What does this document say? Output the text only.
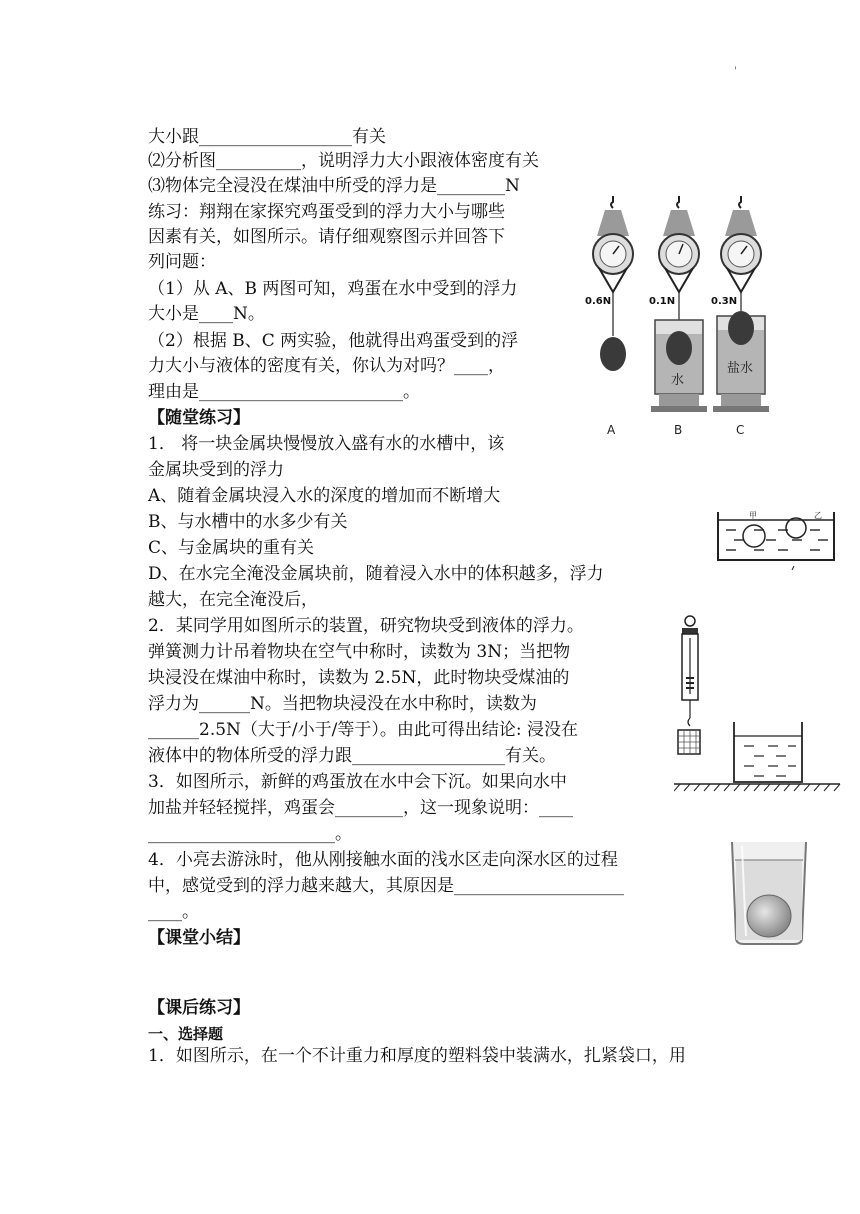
'
大小跟__________________有关
⑵分析图__________，说明浮力大小跟液体密度有关
⑶物体完全浸没在煤油中所受的浮力是________N
练习：翔翔在家探究鸡蛋受到的浮力大小与哪些
因素有关，如图所示。请仔细观察图示并回答下
列问题：
（1）从 A、B 两图可知，鸡蛋在水中受到的浮力
大小是____N。
（2）根据 B、C 两实验，他就得出鸡蛋受到的浮
力大小与液体的密度有关，你认为对吗？____，
理由是________________________。
【随堂练习】
1． 将一块金属块慢慢放入盛有水的水槽中，该
金属块受到的浮力
A、随着金属块浸入水的深度的增加而不断增大
B、与水槽中的水多少有关
C、与金属块的重有关
D、在水完全淹没金属块前，随着浸入水中的体积越多，浮力
越大，在完全淹没后，
2．某同学用如图所示的装置，研究物块受到液体的浮力。
弹簧测力计吊着物块在空气中称时，读数为 3N；当把物
块浸没在煤油中称时，读数为 2.5N，此时物块受煤油的
浮力为______N。当把物块浸没在水中称时，读数为
______2.5N（大于/小于/等于）。由此可得出结论: 浸没在
液体中的物体所受的浮力跟__________________有关。
3．如图所示，新鲜的鸡蛋放在水中会下沉。如果向水中
加盐并轻轻搅拌，鸡蛋会________，这一现象说明：____
______________________。
4．小亮去游泳时，他从刚接触水面的浅水区走向深水区的过程
中，感觉受到的浮力越来越大，其原因是____________________
____。
【课堂小结】
【课后练习】
一、选择题
1．如图所示，在一个不计重力和厚度的塑料袋中装满水，扎紧袋口，用
0.6N	0.1N
水
0.3N
盐水
A	B	C
甲	乙
